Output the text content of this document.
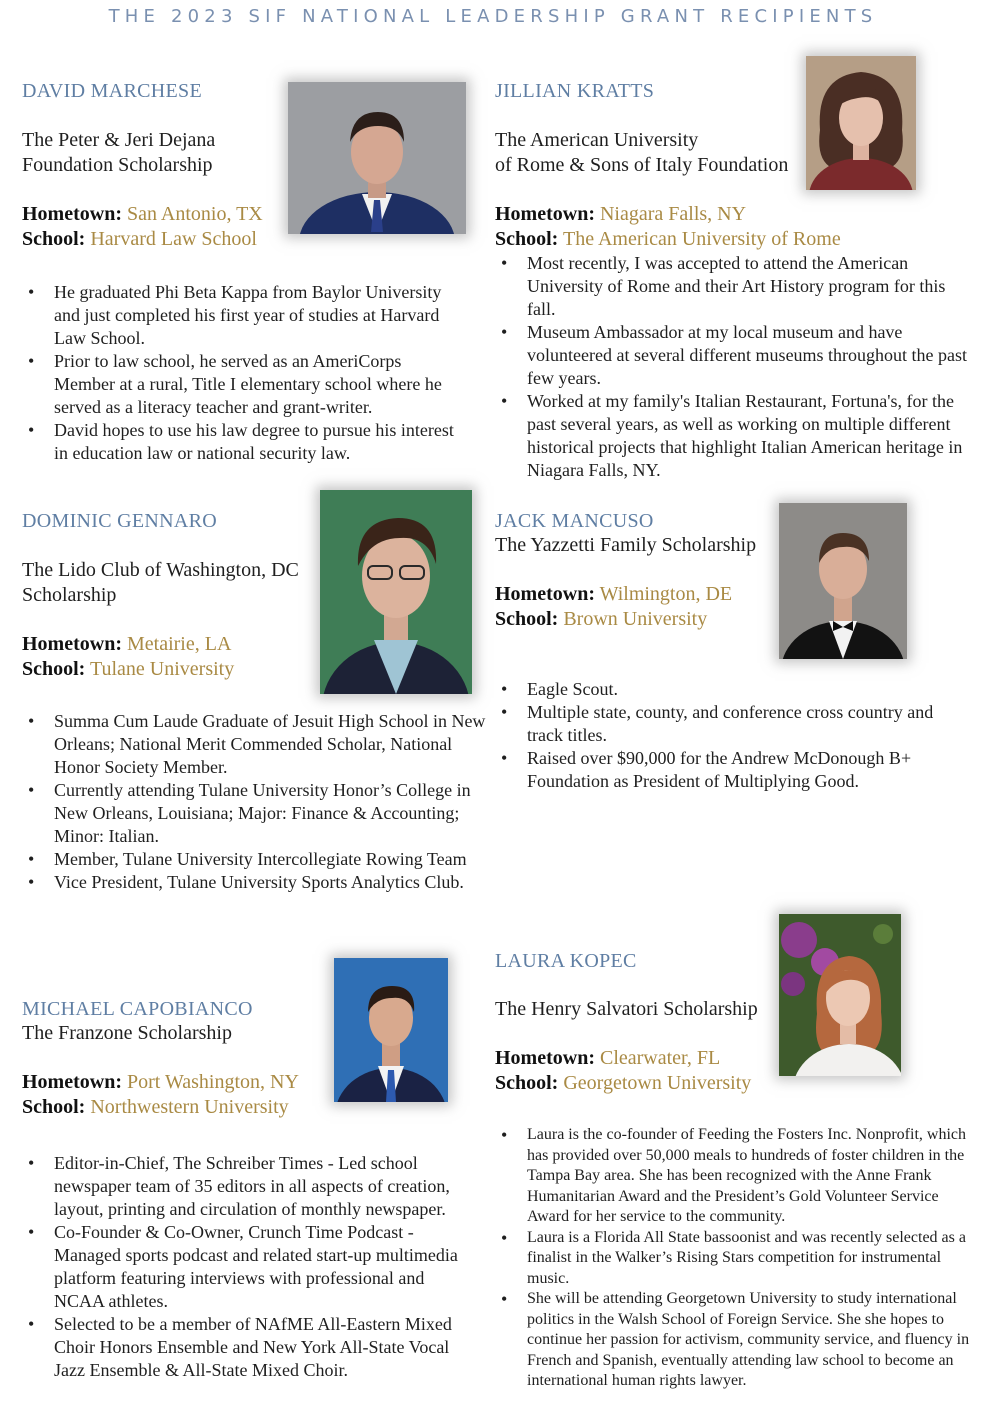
THE 2023 SIF NATIONAL LEADERSHIP GRANT RECIPIENTS
DAVID MARCHESE
The Peter & Jeri Dejana
Foundation Scholarship
Hometown: San Antonio, TX
School: Harvard Law School
• He graduated Phi Beta Kappa from Baylor University and just completed his first year of studies at Harvard Law School.
• Prior to law school, he served as an AmeriCorps Member at a rural, Title I elementary school where he served as a literacy teacher and grant-writer.
• David hopes to use his law degree to pursue his interest in education law or national security law.
JILLIAN KRATTS
The American University
of Rome & Sons of Italy Foundation
Hometown: Niagara Falls, NY
School: The American University of Rome
• Most recently, I was accepted to attend the American University of Rome and their Art History program for this fall.
• Museum Ambassador at my local museum and have volunteered at several different museums throughout the past few years.
• Worked at my family's Italian Restaurant, Fortuna's, for the past several years, as well as working on multiple different historical projects that highlight Italian American heritage in Niagara Falls, NY.
DOMINIC GENNARO
The Lido Club of Washington, DC
Scholarship
Hometown: Metairie, LA
School: Tulane University
• Summa Cum Laude Graduate of Jesuit High School in New Orleans; National Merit Commended Scholar, National Honor Society Member.
• Currently attending Tulane University Honor’s College in New Orleans, Louisiana; Major: Finance & Accounting; Minor: Italian.
• Member, Tulane University Intercollegiate Rowing Team
• Vice President, Tulane University Sports Analytics Club.
JACK MANCUSO
The Yazzetti Family Scholarship
Hometown: Wilmington, DE
School: Brown University
• Eagle Scout.
• Multiple state, county, and conference cross country and track titles.
• Raised over $90,000 for the Andrew McDonough B+ Foundation as President of Multiplying Good.
LAURA KOPEC
The Henry Salvatori Scholarship
Hometown: Clearwater, FL
School: Georgetown University
• Laura is the co-founder of Feeding the Fosters Inc. Nonprofit, which has provided over 50,000 meals to hundreds of foster children in the Tampa Bay area. She has been recognized with the Anne Frank Humanitarian Award and the President’s Gold Volunteer Service Award for her service to the community.
• Laura is a Florida All State bassoonist and was recently selected as a finalist in the Walker’s Rising Stars competition for instrumental music.
• She will be attending Georgetown University to study international politics in the Walsh School of Foreign Service. She she hopes to continue her passion for activism, community service, and fluency in French and Spanish, eventually attending law school to become an international human rights lawyer.
MICHAEL CAPOBIANCO
The Franzone Scholarship
Hometown: Port Washington, NY
School: Northwestern University
• Editor-in-Chief, The Schreiber Times - Led school newspaper team of 35 editors in all aspects of creation, layout, printing and circulation of monthly newspaper.
• Co-Founder & Co-Owner, Crunch Time Podcast - Managed sports podcast and related start-up multimedia platform featuring interviews with professional and NCAA athletes.
• Selected to be a member of NAfME All-Eastern Mixed Choir Honors Ensemble and New York All-State Vocal Jazz Ensemble & All-State Mixed Choir.
